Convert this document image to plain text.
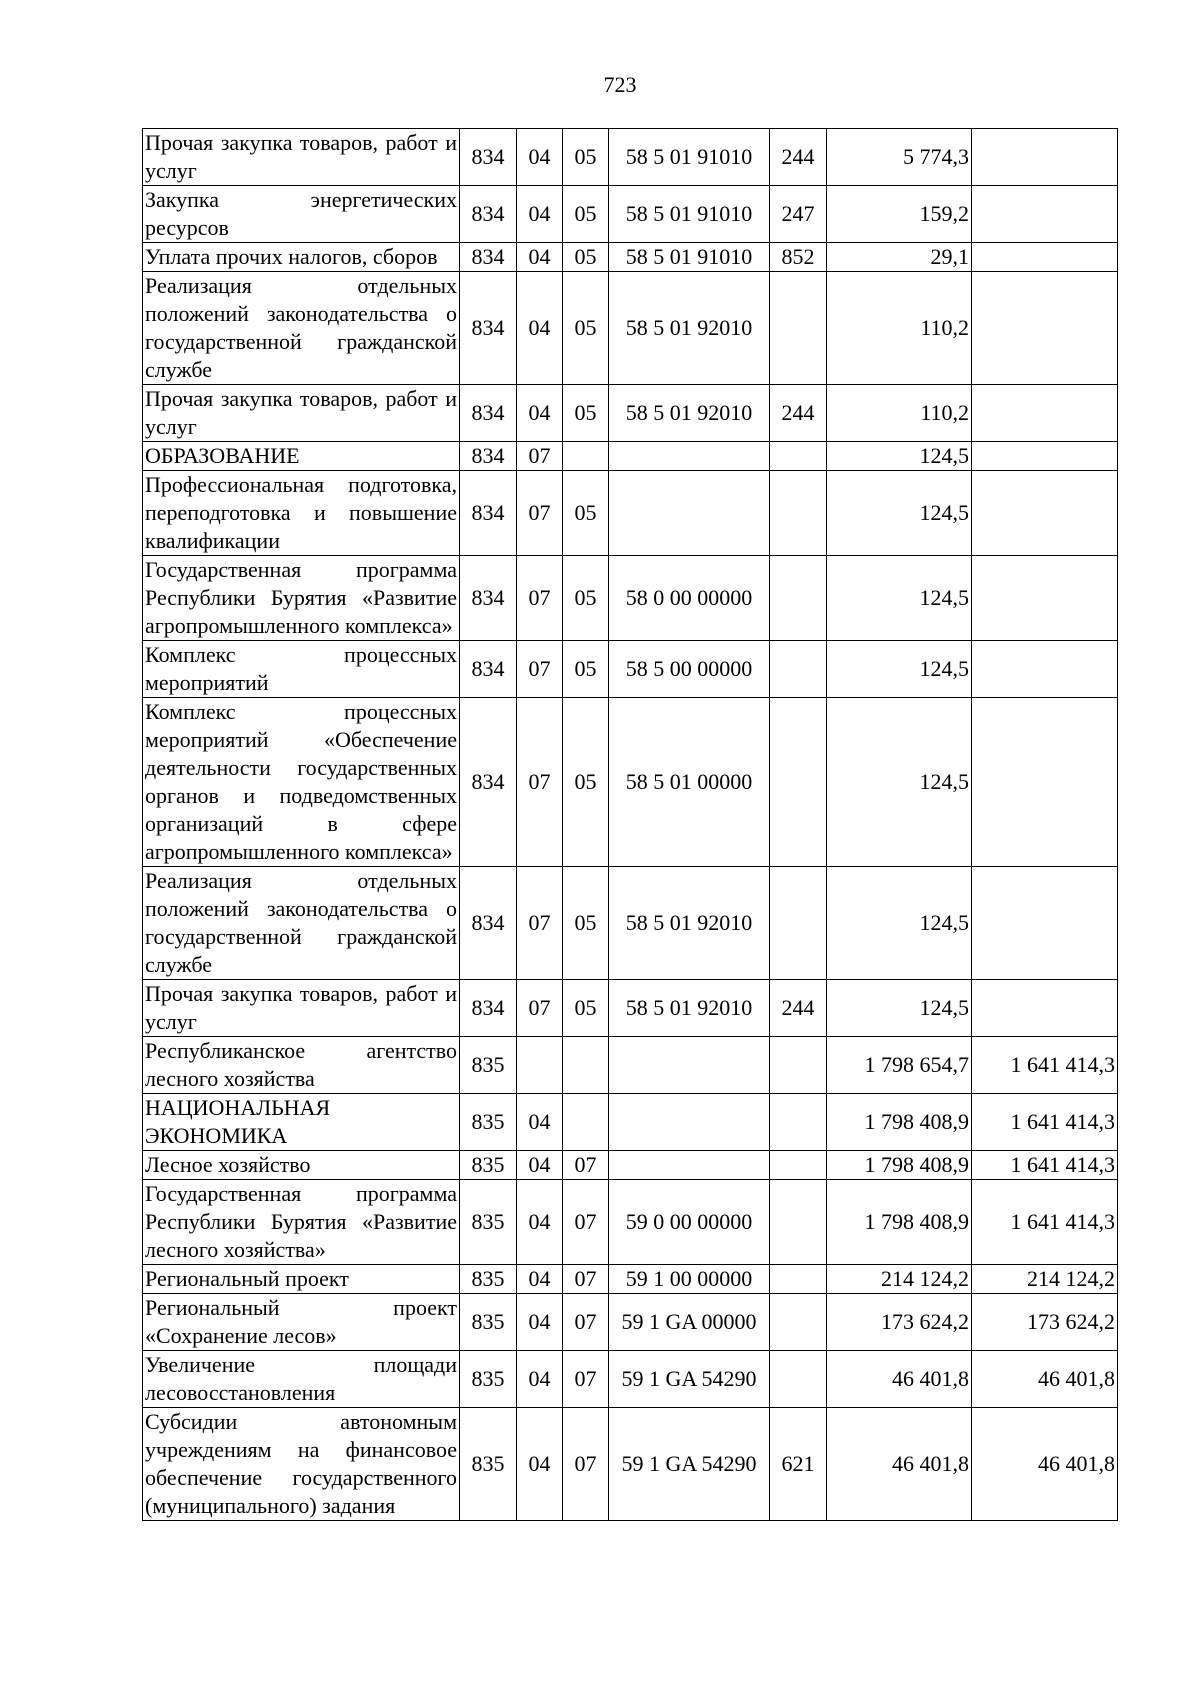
723
Прочая закупка товаров, работ и услуг	834	04	05	58 5 01 91010	244	5 774,3	
Закупка энергетических ресурсов	834	04	05	58 5 01 91010	247	159,2	
Уплата прочих налогов, сборов	834	04	05	58 5 01 91010	852	29,1	
Реализация отдельных положений законодательства о государственной гражданской службе	834	04	05	58 5 01 92010		110,2	
Прочая закупка товаров, работ и услуг	834	04	05	58 5 01 92010	244	110,2	
ОБРАЗОВАНИЕ	834	07				124,5	
Профессиональная подготовка, переподготовка и повышение квалификации	834	07	05			124,5	
Государственная программа Республики Бурятия «Развитие агропромышленного комплекса»	834	07	05	58 0 00 00000		124,5	
Комплекс процессных мероприятий	834	07	05	58 5 00 00000		124,5	
Комплекс процессных мероприятий «Обеспечение деятельности государственных органов и подведомственных организаций в сфере агропромышленного комплекса»	834	07	05	58 5 01 00000		124,5	
Реализация отдельных положений законодательства о государственной гражданской службе	834	07	05	58 5 01 92010		124,5	
Прочая закупка товаров, работ и услуг	834	07	05	58 5 01 92010	244	124,5	
Республиканское агентство лесного хозяйства	835					1 798 654,7	1 641 414,3
НАЦИОНАЛЬНАЯ ЭКОНОМИКА	835	04				1 798 408,9	1 641 414,3
Лесное хозяйство	835	04	07			1 798 408,9	1 641 414,3
Государственная программа Республики Бурятия «Развитие лесного хозяйства»	835	04	07	59 0 00 00000		1 798 408,9	1 641 414,3
Региональный проект	835	04	07	59 1 00 00000		214 124,2	214 124,2
Региональный проект «Сохранение лесов»	835	04	07	59 1 GA 00000		173 624,2	173 624,2
Увеличение площади лесовосстановления	835	04	07	59 1 GA 54290		46 401,8	46 401,8
Субсидии автономным учреждениям на финансовое обеспечение государственного (муниципального) задания	835	04	07	59 1 GA 54290	621	46 401,8	46 401,8
